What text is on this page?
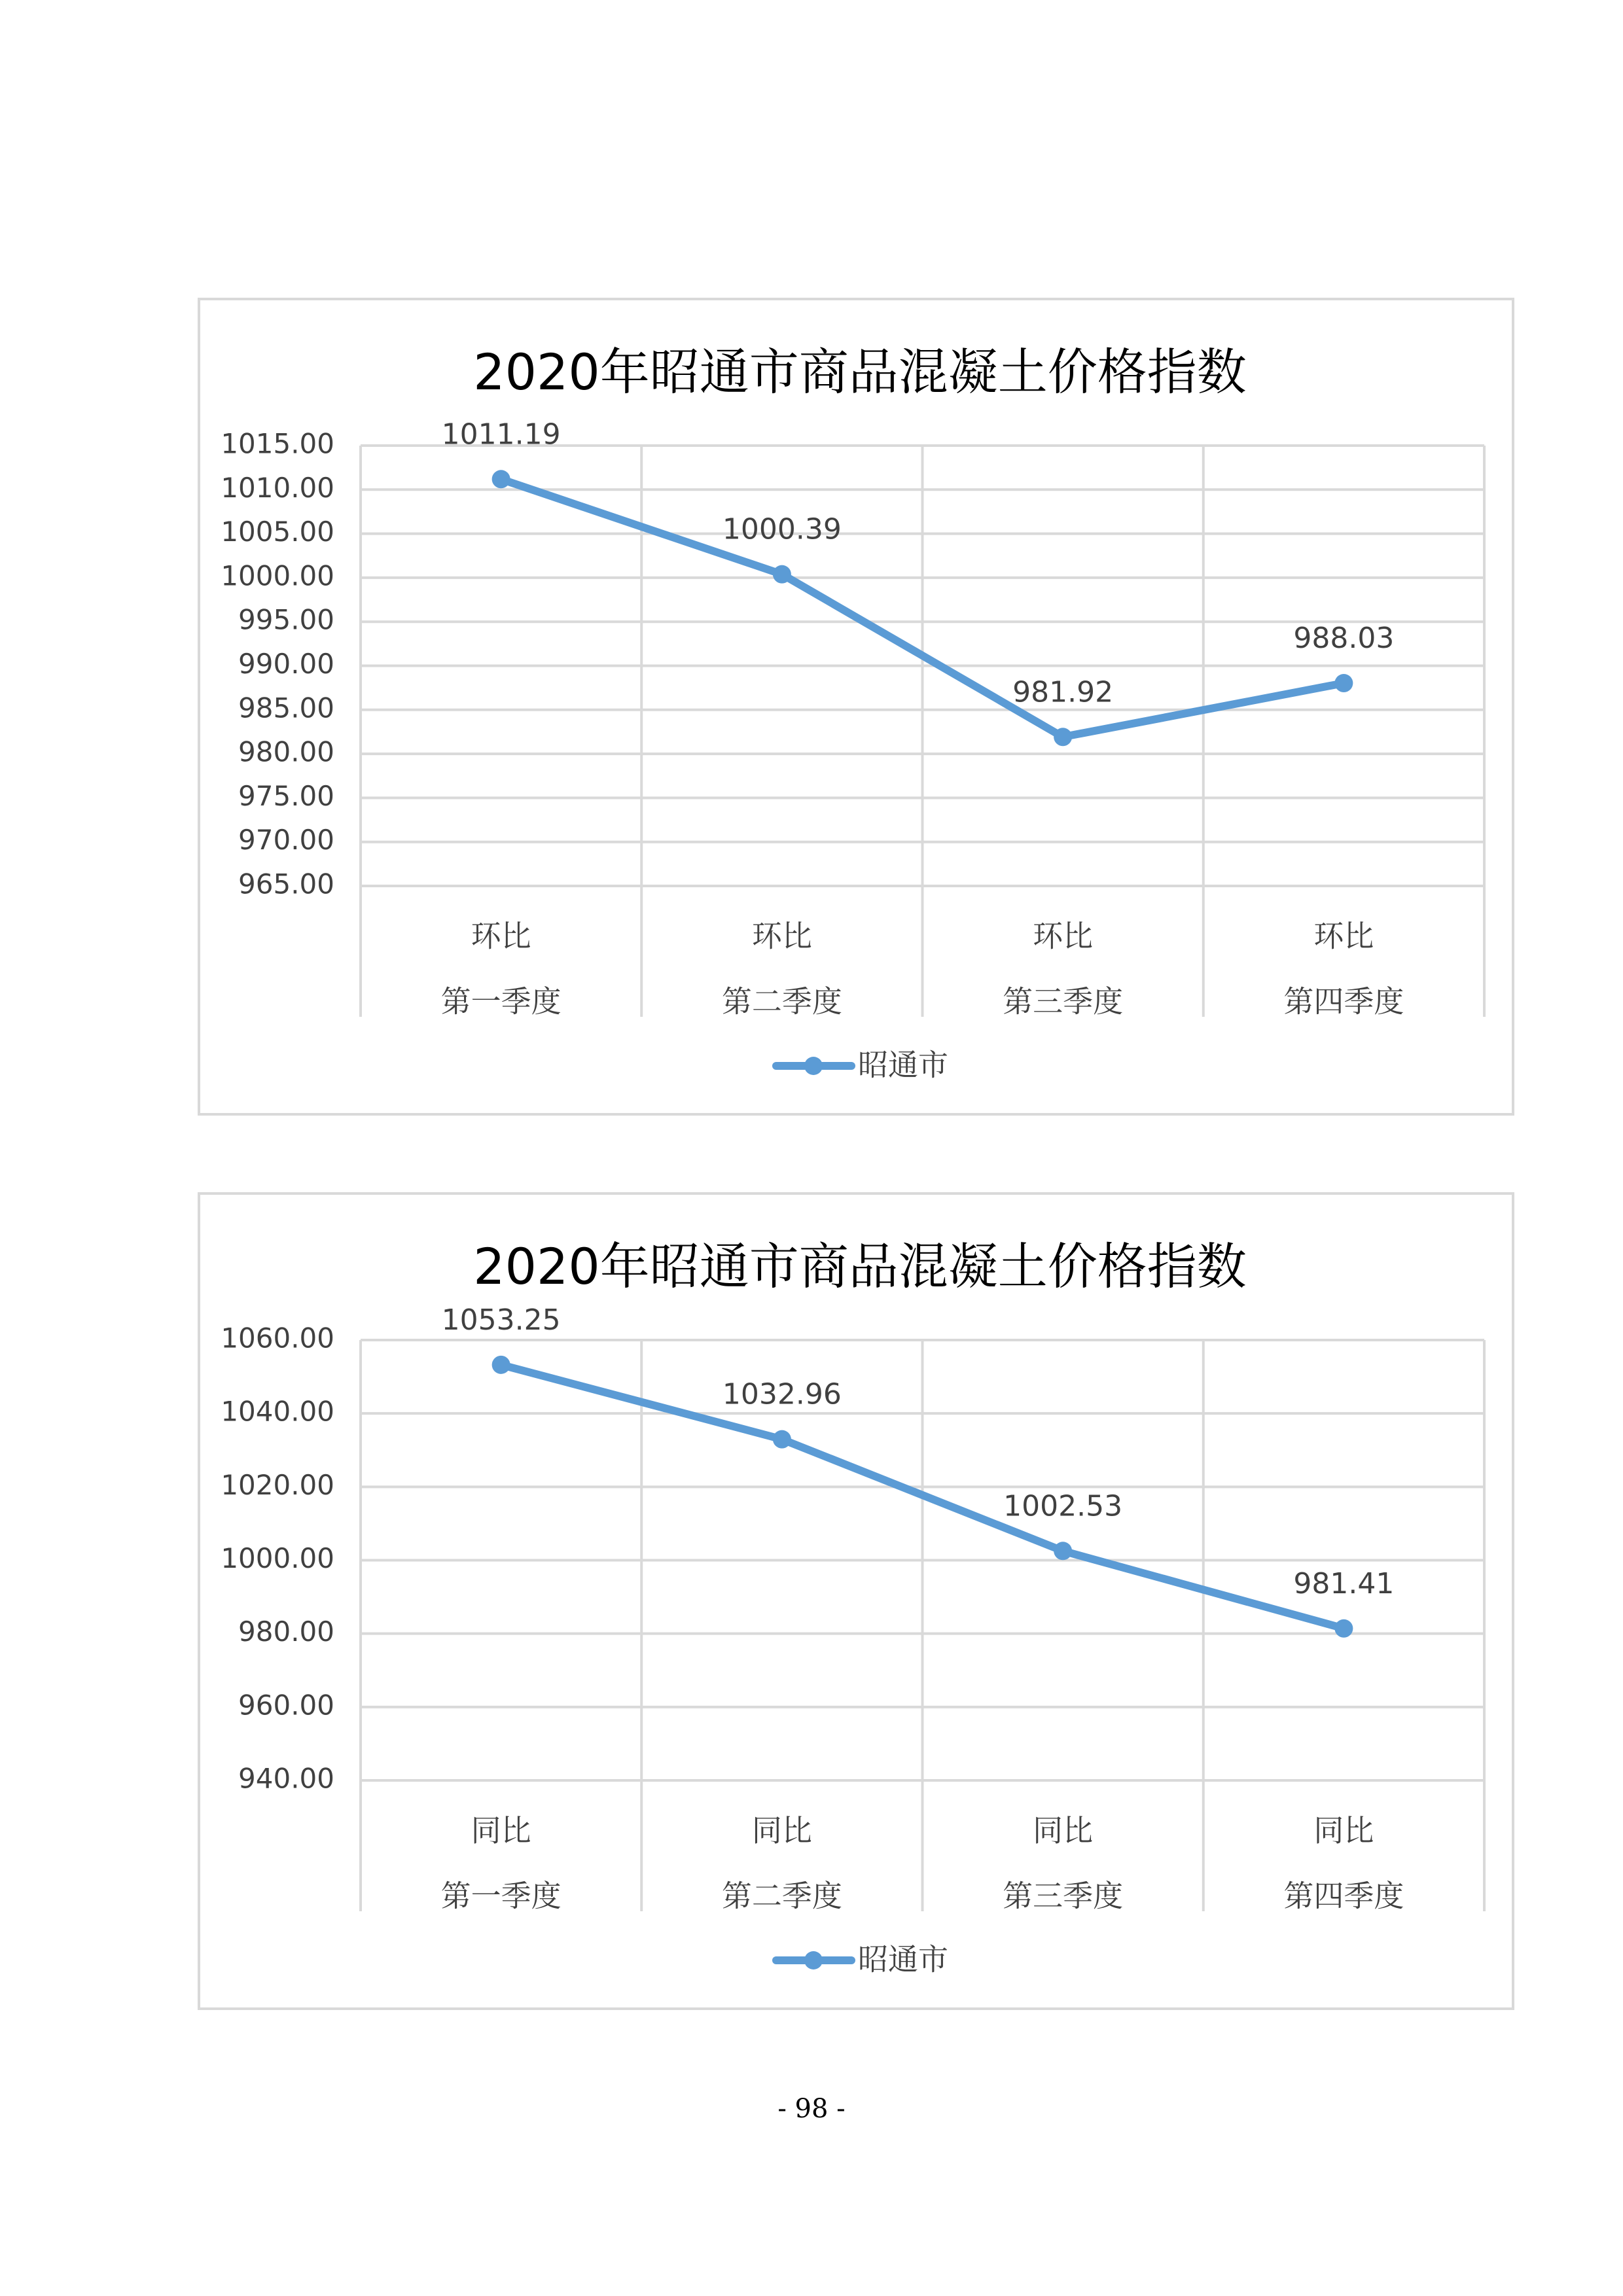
2020年昭通市商品混凝土价格指数
965.00
970.00
975.00
980.00
985.00
990.00
995.00
1000.00
1005.00
1010.00
1015.00
环比
第一季度
环比
第二季度
环比
第三季度
环比
第四季度
1011.19
1000.39
981.92
988.03
昭通市
2020年昭通市商品混凝土价格指数
940.00
960.00
980.00
1000.00
1020.00
1040.00
1060.00
同比
第一季度
同比
第二季度
同比
第三季度
同比
第四季度
1053.25
1032.96
1002.53
981.41
昭通市
- 98 -
